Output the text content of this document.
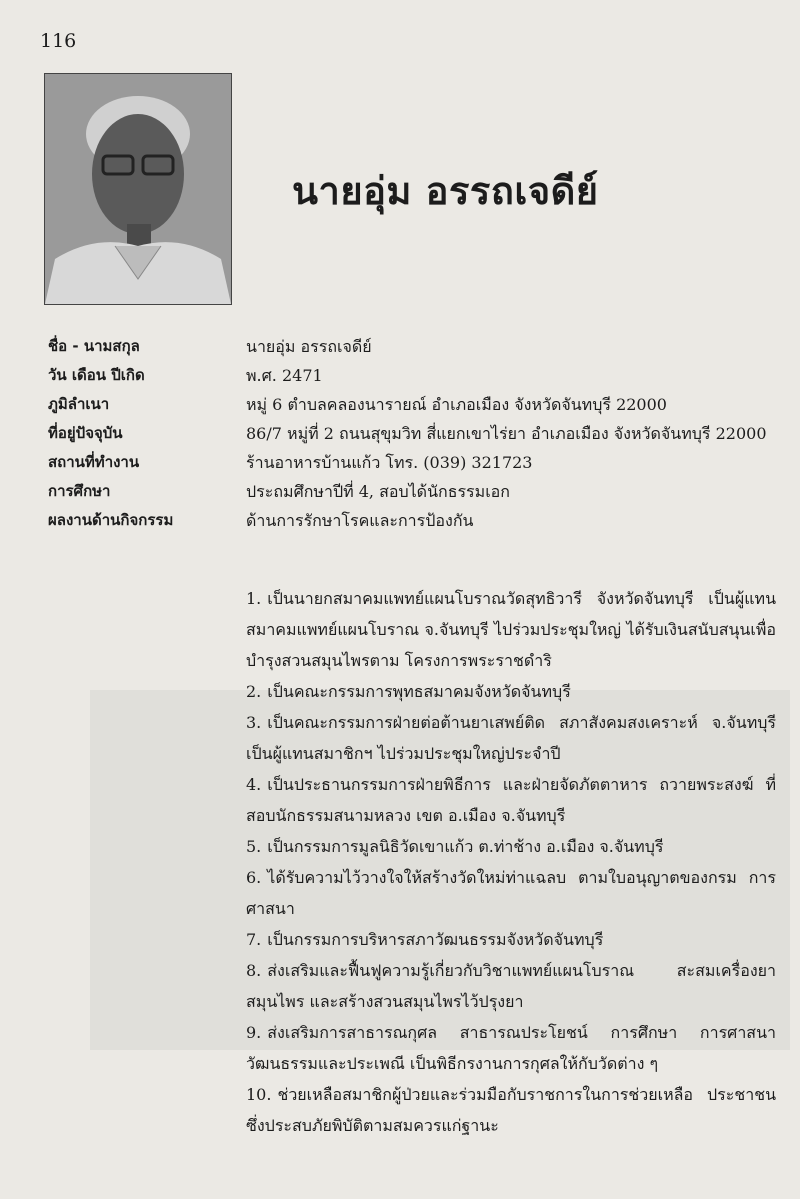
116
นายอุ่ม อรรถเจดีย์
ชื่อ - นามสกุล	นายอุ่ม อรรถเจดีย์
วัน เดือน ปีเกิด	พ.ศ. 2471
ภูมิลำเนา	หมู่ 6 ตำบลคลองนารายณ์ อำเภอเมือง จังหวัดจันทบุรี 22000
ที่อยู่ปัจจุบัน	86/7 หมู่ที่ 2 ถนนสุขุมวิท สี่แยกเขาไร่ยา อำเภอเมือง จังหวัดจันทบุรี 22000
สถานที่ทำงาน	ร้านอาหารบ้านแก้ว โทร. (039) 321723
การศึกษา	ประถมศึกษาปีที่ 4, สอบได้นักธรรมเอก
ผลงานด้านกิจกรรม	ด้านการรักษาโรคและการป้องกัน

1. เป็นนายกสมาคมแพทย์แผนโบราณวัดสุทธิวารี จังหวัดจันทบุรี เป็นผู้แทนสมาคมแพทย์แผนโบราณ จ.จันทบุรี ไปร่วมประชุมใหญ่ ได้รับเงินสนับสนุนเพื่อบำรุงสวนสมุนไพรตาม โครงการพระราชดำริ

2. เป็นคณะกรรมการพุทธสมาคมจังหวัดจันทบุรี

3. เป็นคณะกรรมการฝ่ายต่อต้านยาเสพย์ติด สภาสังคมสงเคราะห์ จ.จันทบุรี เป็นผู้แทนสมาชิกฯ ไปร่วมประชุมใหญ่ประจำปี

4. เป็นประธานกรรมการฝ่ายพิธีการ และฝ่ายจัดภัตตาหาร ถวายพระสงฆ์ ที่สอบนักธรรมสนามหลวง เขต อ.เมือง จ.จันทบุรี

5. เป็นกรรมการมูลนิธิวัดเขาแก้ว ต.ท่าช้าง อ.เมือง จ.จันทบุรี

6. ได้รับความไว้วางใจให้สร้างวัดใหม่ท่าแฉลบ ตามใบอนุญาตของกรม การศาสนา

7. เป็นกรรมการบริหารสภาวัฒนธรรมจังหวัดจันทบุรี

8. ส่งเสริมและฟื้นฟูความรู้เกี่ยวกับวิชาแพทย์แผนโบราณ สะสมเครื่องยา สมุนไพร และสร้างสวนสมุนไพรไว้ปรุงยา

9. ส่งเสริมการสาธารณกุศล สาธารณประโยชน์ การศึกษา การศาสนา วัฒนธรรมและประเพณี เป็นพิธีกรงานการกุศลให้กับวัดต่าง ๆ

10. ช่วยเหลือสมาชิกผู้ป่วยและร่วมมือกับราชการในการช่วยเหลือ ประชาชน ซึ่งประสบภัยพิบัติตามสมควรแก่ฐานะ
